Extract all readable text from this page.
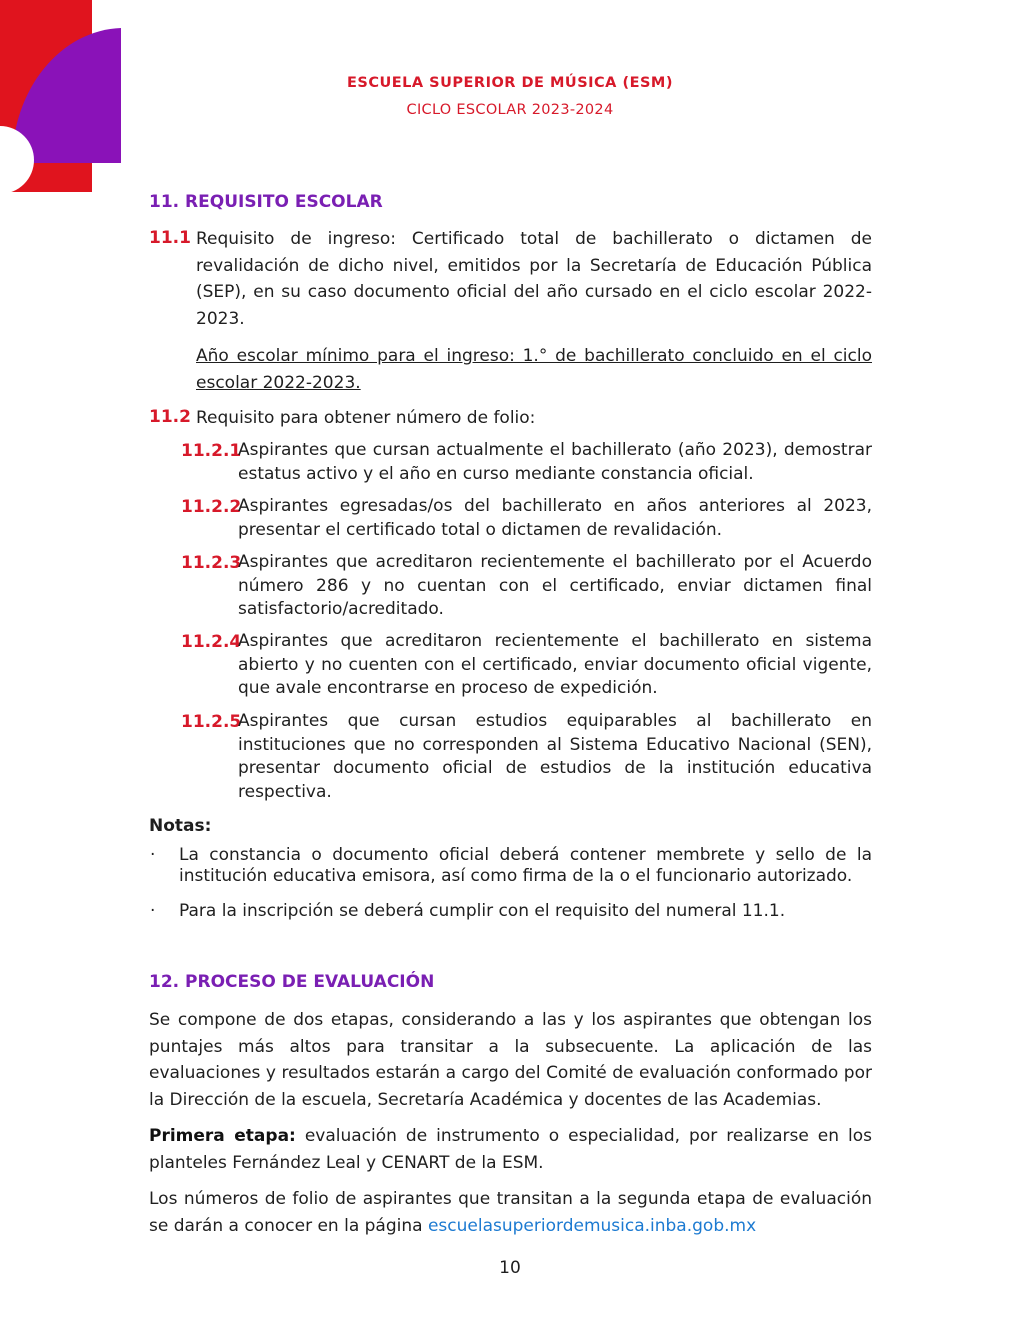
ESCUELA SUPERIOR DE MÚSICA (ESM)
CICLO ESCOLAR 2023-2024
11. REQUISITO ESCOLAR
11.1 Requisito de ingreso: Certificado total de bachillerato o dictamen de revalidación de dicho nivel, emitidos por la Secretaría de Educación Pública (SEP), en su caso documento oficial del año cursado en el ciclo escolar 2022-2023.
Año escolar mínimo para el ingreso: 1.° de bachillerato concluido en el ciclo escolar 2022-2023.
11.2 Requisito para obtener número de folio:
11.2.1
Aspirantes que cursan actualmente el bachillerato (año 2023), demostrar estatus activo y el año en curso mediante constancia oficial.
11.2.2
Aspirantes egresadas/os del bachillerato en años anteriores al 2023, presentar el certificado total o dictamen de revalidación.
11.2.3
Aspirantes que acreditaron recientemente el bachillerato por el Acuerdo número 286 y no cuentan con el certificado, enviar dictamen final satisfactorio/acreditado.
11.2.4
Aspirantes que acreditaron recientemente el bachillerato en sistema abierto y no cuenten con el certificado, enviar documento oficial vigente, que avale encontrarse en proceso de expedición.
11.2.5
Aspirantes que cursan estudios equiparables al bachillerato en instituciones que no corresponden al Sistema Educativo Nacional (SEN), presentar documento oficial de estudios de la institución educativa respectiva.
Notas:
· La constancia o documento oficial deberá contener membrete y sello de la institución educativa emisora, así como firma de la o el funcionario autorizado.
· Para la inscripción se deberá cumplir con el requisito del numeral 11.1.
12. PROCESO DE EVALUACIÓN
Se compone de dos etapas, considerando a las y los aspirantes que obtengan los puntajes más altos para transitar a la subsecuente. La aplicación de las evaluaciones y resultados estarán a cargo del Comité de evaluación conformado por la Dirección de la escuela, Secretaría Académica y docentes de las Academias.
Primera etapa: evaluación de instrumento o especialidad, por realizarse en los planteles Fernández Leal y CENART de la ESM.
Los números de folio de aspirantes que transitan a la segunda etapa de evaluación se darán a conocer en la página escuelasuperiordemusica.inba.gob.mx
10
